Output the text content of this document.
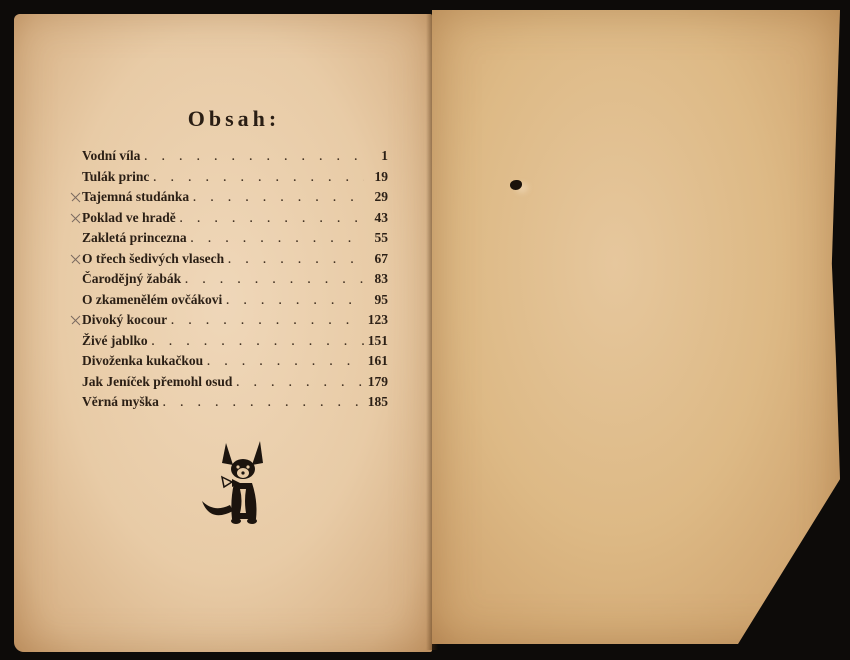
Obsah:
Vodní víla . . .	1
Tulák princ . . .	19
Tajemná studánka . . .	29
Poklad ve hradě . . .	43
Zakletá princezna . . .	55
O třech šedivých vlasech . . .	67
Čarodějný žabák . . .	83
O zkamenělém ovčákovi . . .	95
Divoký kocour . . .	123
Živé jablko . . .	151
Divoženka kukačkou . . .	161
Jak Jeníček přemohl osud . . .	179
Věrná myška . . .	185
